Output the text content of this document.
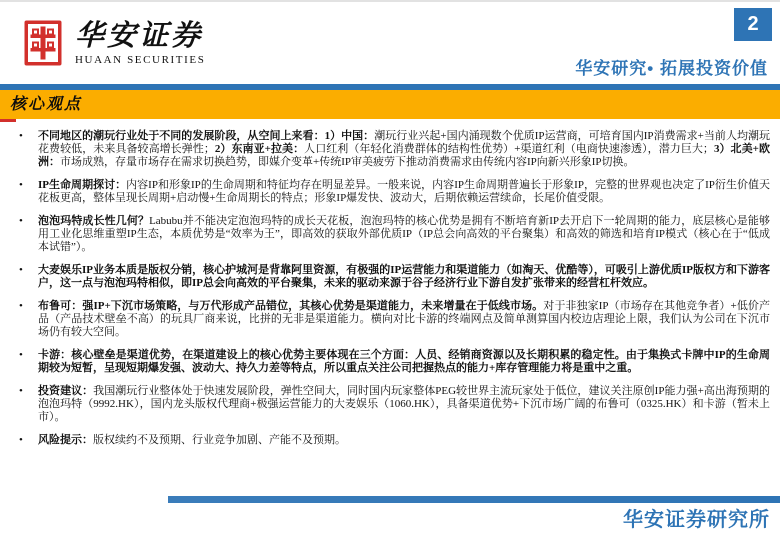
华安证券
HUAAN SECURITIES
2
华安研究• 拓展投资价值
核心观点
• 不同地区的潮玩行业处于不同的发展阶段，从空间上来看：1）中国：潮玩行业兴起+国内涌现数个优质IP运营商，可培育国内IP消费需求+当前人均潮玩花费较低，未来具备较高增长弹性；2）东南亚+拉美：人口红利（年轻化消费群体的结构性优势）+渠道红利（电商快速渗透），潜力巨大；3）北美+欧洲：市场成熟，存量市场存在需求切换趋势，即媒介变革+传统IP审美疲劳下推动消费需求由传统内容IP向新兴形象IP切换。
• IP生命周期探讨：内容IP和形象IP的生命周期和特征均存在明显差异。一般来说，内容IP生命周期普遍长于形象IP，完整的世界观也决定了IP衍生价值天花板更高，整体呈现长周期+启动慢+生命周期长的特点；形象IP爆发快、波动大，后期依赖运营续命，长尾价值受限。
• 泡泡玛特成长性几何？Labubu并不能决定泡泡玛特的成长天花板，泡泡玛特的核心优势是拥有不断培育新IP去开启下一轮周期的能力，底层核心是能够用工业化思维重塑IP生态，本质优势是“效率为王”，即高效的获取外部优质IP（IP总会向高效的平台聚集）和高效的筛选和培育IP模式（核心在于“低成本试错”）。
• 大麦娱乐IP业务本质是版权分销，核心护城河是背靠阿里资源，有极强的IP运营能力和渠道能力（如淘天、优酷等），可吸引上游优质IP版权方和下游客户，这一点与泡泡玛特相似，即IP总会向高效的平台聚集，未来的驱动来源于谷子经济行业下游自发扩张带来的经营杠杆效应。
• 布鲁可：强IP+下沉市场策略，与万代形成产品错位，其核心优势是渠道能力，未来增量在于低线市场。对于非独家IP（市场存在其他竞争者）+低价产品（产品技术壁垒不高）的玩具厂商来说，比拼的无非是渠道能力。横向对比卡游的终端网点及简单测算国内校边店理论上限，我们认为公司在下沉市场仍有较大空间。
• 卡游：核心壁垒是渠道优势，在渠道建设上的核心优势主要体现在三个方面：人员、经销商资源以及长期积累的稳定性。由于集换式卡牌中IP的生命周期较为短暂，呈现短期爆发强、波动大、持久力差等特点，所以重点关注公司把握热点的能力+库存管理能力将是重中之重。
• 投资建议：我国潮玩行业整体处于快速发展阶段，弹性空间大，同时国内玩家整体PEG较世界主流玩家处于低位，建议关注原创IP能力强+高出海预期的泡泡玛特（9992.HK），国内龙头版权代理商+极强运营能力的大麦娱乐（1060.HK），具备渠道优势+下沉市场广阔的布鲁可（0325.HK）和卡游（暂未上市）。
• 风险提示：版权续约不及预期、行业竞争加剧、产能不及预期。
华安证券研究所
